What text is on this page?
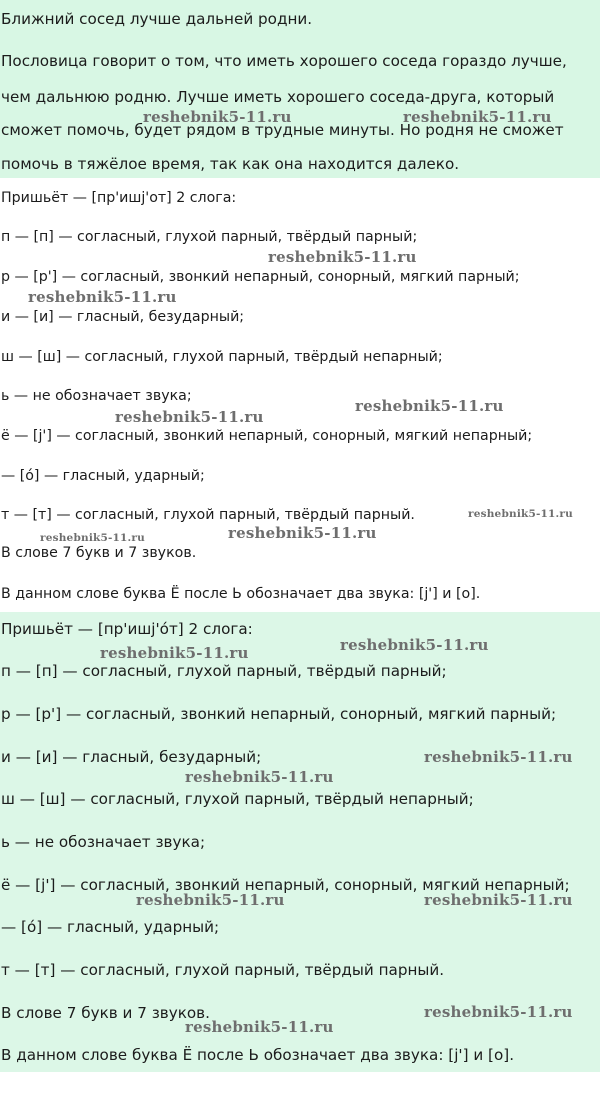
Ближний сосед лучше дальней родни.
Пословица говорит о том, что иметь хорошего соседа гораздо лучше,
чем дальнюю родню. Лучше иметь хорошего соседа-друга, который
сможет помочь, будет рядом в трудные минуты. Но родня не сможет
помочь в тяжёлое время, так как она находится далеко.
Пришьёт — [пр'ишj'от] 2 слога:
п — [п] — согласный, глухой парный, твёрдый парный;
р — [р'] — согласный, звонкий непарный, сонорный, мягкий парный;
и — [и] — гласный, безударный;
ш — [ш] — согласный, глухой парный, твёрдый непарный;
ь — не обозначает звука;
ё — [j'] — согласный, звонкий непарный, сонорный, мягкий непарный;
— [о́] — гласный, ударный;
т — [т] — согласный, глухой парный, твёрдый парный.
В слове 7 букв и 7 звуков.
В данном слове буква Ё после Ь обозначает два звука: [j'] и [о].
Пришьёт — [пр'ишj'о́т] 2 слога:
п — [п] — согласный, глухой парный, твёрдый парный;
р — [р'] — согласный, звонкий непарный, сонорный, мягкий парный;
и — [и] — гласный, безударный;
ш — [ш] — согласный, глухой парный, твёрдый непарный;
ь — не обозначает звука;
ё — [j'] — согласный, звонкий непарный, сонорный, мягкий непарный;
— [о́] — гласный, ударный;
т — [т] — согласный, глухой парный, твёрдый парный.
В слове 7 букв и 7 звуков.
В данном слове буква Ё после Ь обозначает два звука: [j'] и [о].
reshebnik5-11.ru	reshebnik5-11.ru
reshebnik5-11.ru
reshebnik5-11.ru
reshebnik5-11.ru
reshebnik5-11.ru
reshebnik5-11.ru
reshebnik5-11.ru	reshebnik5-11.ru
reshebnik5-11.ru
reshebnik5-11.ru
reshebnik5-11.ru
reshebnik5-11.ru
reshebnik5-11.ru	reshebnik5-11.ru
reshebnik5-11.ru
reshebnik5-11.ru
